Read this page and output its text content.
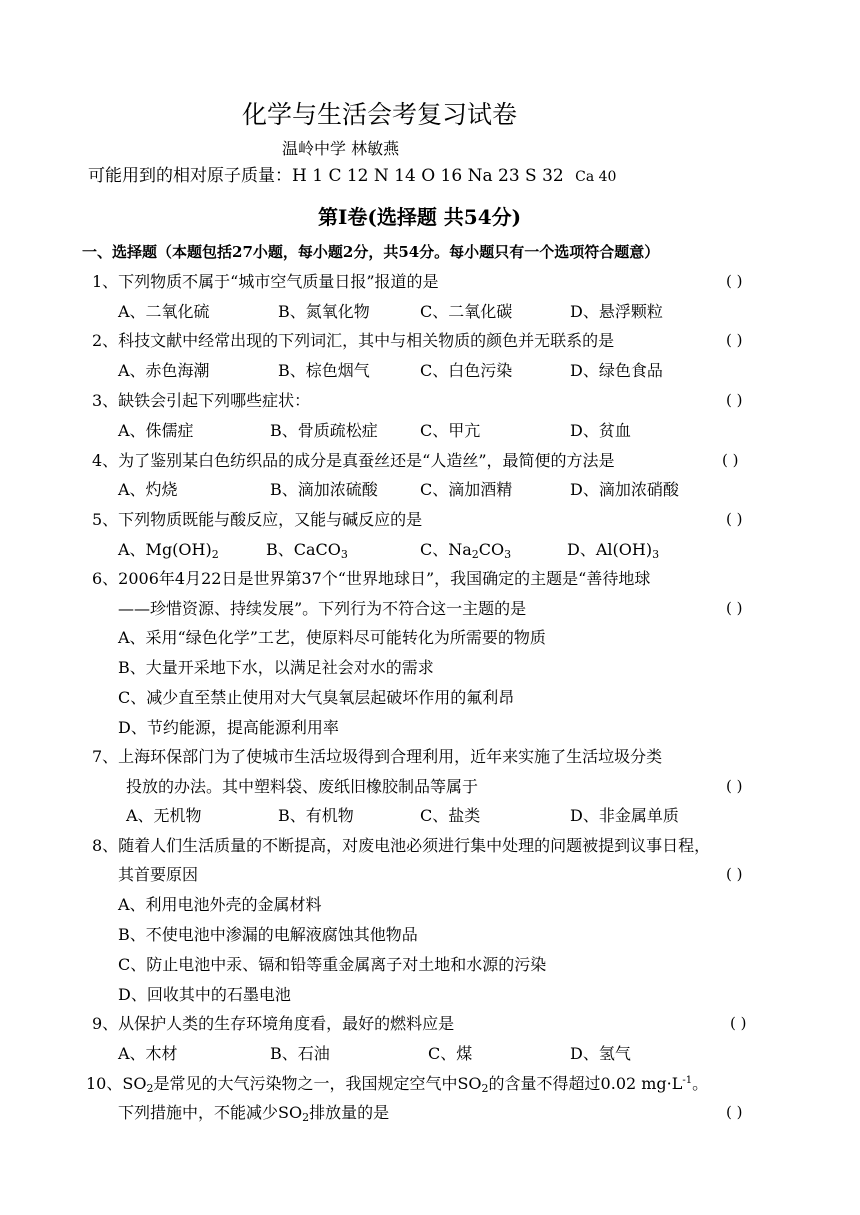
化学与生活会考复习试卷
温岭中学 林敏燕
可能用到的相对原子质量：H 1 C 12 N 14 O 16 Na 23 S 32 Ca 40
第Ⅰ卷(选择题 共54分)
一、选择题（本题包括27小题，每小题2分，共54分。每小题只有一个选项符合题意）
1、下列物质不属于“城市空气质量日报”报道的是	( )
A、二氧化硫	B、氮氧化物	C、二氧化碳	D、悬浮颗粒
2、科技文献中经常出现的下列词汇，其中与相关物质的颜色并无联系的是	( )
A、赤色海潮	B、棕色烟气	C、白色污染	D、绿色食品
3、缺铁会引起下列哪些症状：	( )
A、侏儒症	B、骨质疏松症	C、甲亢	D、贫血
4、为了鉴别某白色纺织品的成分是真蚕丝还是“人造丝”，最简便的方法是	( )
A、灼烧	B、滴加浓硫酸	C、滴加酒精	D、滴加浓硝酸
5、下列物质既能与酸反应，又能与碱反应的是	( )
A、$Mg(OH)_2$	B、CaCO$_3$	C、$Na_2CO_3$	D、$Al(OH)_3$
6、2006年4月22日是世界第37个“世界地球日”，我国确定的主题是“善待地球
——珍惜资源、持续发展”。下列行为不符合这一主题的是	( )
A、采用“绿色化学”工艺，使原料尽可能转化为所需要的物质
B、大量开采地下水，以满足社会对水的需求
C、减少直至禁止使用对大气臭氧层起破坏作用的氟利昂
D、节约能源，提高能源利用率
7、上海环保部门为了使城市生活垃圾得到合理利用，近年来实施了生活垃圾分类
投放的办法。其中塑料袋、废纸旧橡胶制品等属于	( )
A、无机物	B、有机物	C、盐类	D、非金属单质
8、随着人们生活质量的不断提高，对废电池必须进行集中处理的问题被提到议事日程，
其首要原因	( )
A、利用电池外壳的金属材料
B、不使电池中渗漏的电解液腐蚀其他物品
C、防止电池中汞、镉和铅等重金属离子对土地和水源的污染
D、回收其中的石墨电池
9、从保护人类的生存环境角度看，最好的燃料应是	( )
A、木材	B、石油	C、煤	D、氢气
10、$SO_2$是常见的大气污染物之一，我国规定空气中$SO_2$的含量不得超过0.02 $mg\cdot L^{-1}$。
下列措施中，不能减少$SO_2$排放量的是	( )
